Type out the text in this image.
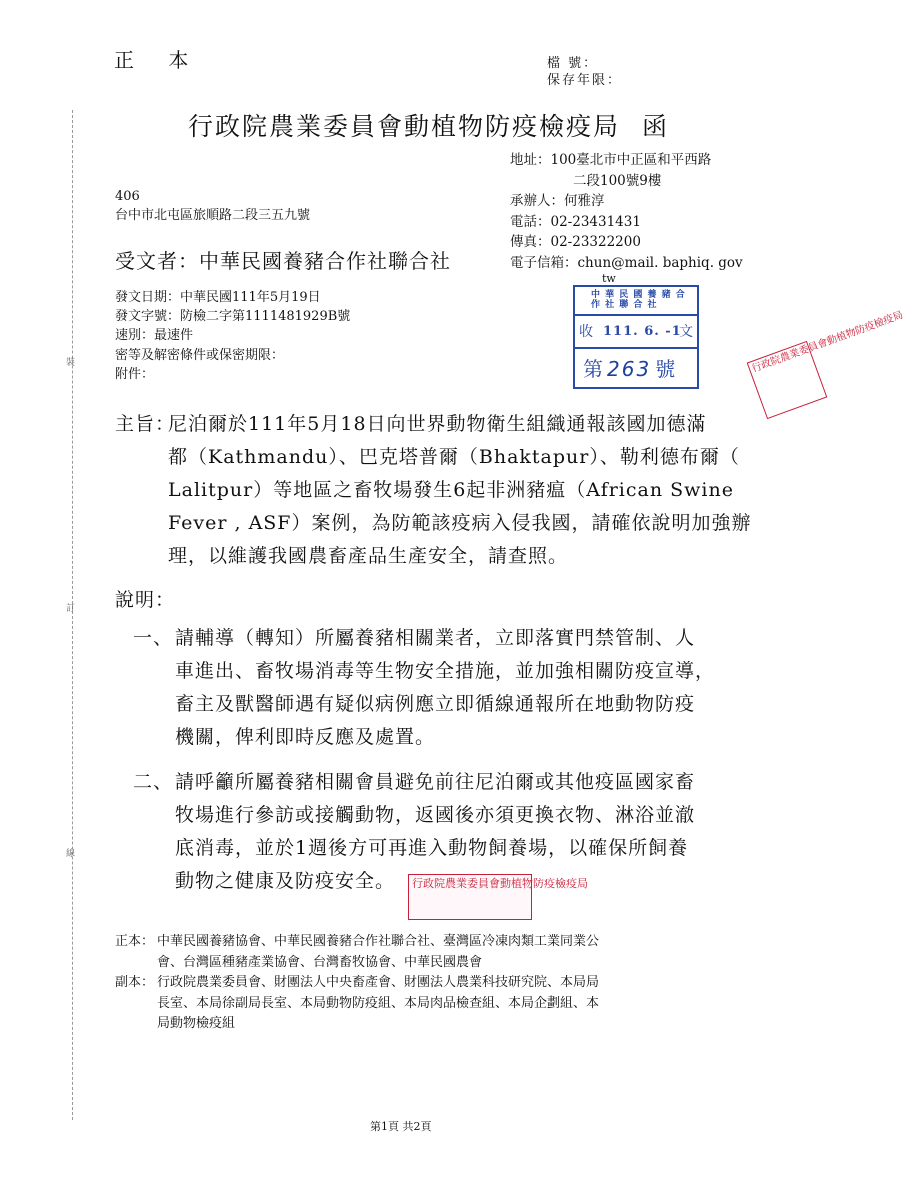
正 本	檔 號：
保存年限：
行政院農業委員會動植物防疫檢疫局 函
地址：100臺北市中正區和平西路
二段100號9樓
承辦人：何雅淳
電話：02-23431431
傳真：02-23322200
電子信箱：chun@mail. baphiq. gov
tw
406
台中市北屯區旅順路二段三五九號
受文者：中華民國養豬合作社聯合社
發文日期：中華民國111年5月19日
發文字號：防檢二字第1111481929B號
速別：最速件
密等及解密條件或保密期限：
附件：
中 華 民 國 養 豬 合 作 社 聯 合 社
收 111. 6. -1
文
第 263 號	行政院農業委員會動植物防疫檢疫局
主旨：
尼泊爾於111年5月18日向世界動物衛生組織通報該國加德滿
都（Kathmandu）、巴克塔普爾（Bhaktapur）、勒利德布爾（
Lalitpur）等地區之畜牧場發生6起非洲豬瘟（African Swine
Fever , ASF）案例，為防範該疫病入侵我國，請確依說明加強辦
理，以維護我國農畜產品生產安全，請查照。
說明：
一、 請輔導（轉知）所屬養豬相關業者，立即落實門禁管制、人
車進出、畜牧場消毒等生物安全措施，並加強相關防疫宣導，
畜主及獸醫師遇有疑似病例應立即循線通報所在地動物防疫
機關，俾利即時反應及處置。
二、 請呼籲所屬養豬相關會員避免前往尼泊爾或其他疫區國家畜
牧場進行參訪或接觸動物，返國後亦須更換衣物、淋浴並澈
底消毒，並於1週後方可再進入動物飼養場，以確保所飼養
動物之健康及防疫安全。	行政院農業委員會動植物防疫檢疫局
正本： 中華民國養豬協會、中華民國養豬合作社聯合社、臺灣區冷凍肉類工業同業公
會、台灣區種豬產業協會、台灣畜牧協會、中華民國農會
副本： 行政院農業委員會、財團法人中央畜產會、財團法人農業科技研究院、本局局
長室、本局徐副局長室、本局動物防疫組、本局肉品檢查組、本局企劃組、本
局動物檢疫組
第1頁 共2頁
裝
訂
線
